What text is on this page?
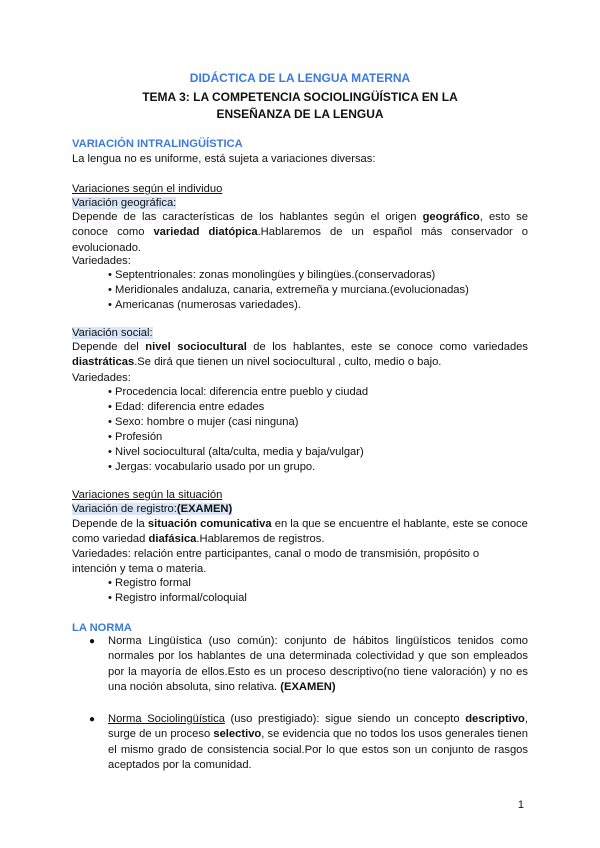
DIDÁCTICA DE LA LENGUA MATERNA
TEMA 3: LA COMPETENCIA SOCIOLINGÜÍSTICA EN LA
ENSEÑANZA DE LA LENGUA
VARIACIÓN INTRALINGÜÍSTICA
La lengua no es uniforme, está sujeta a variaciones diversas:
Variaciones según el individuo
Variación geográfica:
Depende de las características de los hablantes según el origen geográfico, esto se conoce como variedad diatópica.Hablaremos de un español más conservador o evolucionado.
Variedades:
• Septentrionales: zonas monolingües y bilingües.(conservadoras)
• Meridionales andaluza, canaria, extremeña y murciana.(evolucionadas)
• Americanas (numerosas variedades).
Variación social:
Depende del nivel sociocultural de los hablantes, este se conoce como variedades diastráticas.Se dirá que tienen un nivel sociocultural , culto, medio o bajo.
Variedades:
• Procedencia local: diferencia entre pueblo y ciudad
• Edad: diferencia entre edades
• Sexo: hombre o mujer (casi ninguna)
• Profesión
• Nivel sociocultural (alta/culta, media y baja/vulgar)
• Jergas: vocabulario usado por un grupo.
Variaciones según la situación
Variación de registro:(EXAMEN)
Depende de la situación comunicativa en la que se encuentre el hablante, este se conoce
como variedad diafásica.Hablaremos de registros.
Variedades: relación entre participantes, canal o modo de transmisión, propósito o
intención y tema o materia.
• Registro formal
• Registro informal/coloquial
LA NORMA
● Norma Lingüística (uso común): conjunto de hábitos lingüísticos tenidos como normales por los hablantes de una determinada colectividad y que son empleados por la mayoría de ellos.Esto es un proceso descriptivo(no tiene valoración) y no es una noción absoluta, sino relativa. (EXAMEN)
● Norma Sociolingüística (uso prestigiado): sigue siendo un concepto descriptivo, surge de un proceso selectivo, se evidencia que no todos los usos generales tienen el mismo grado de consistencia social.Por lo que estos son un conjunto de rasgos aceptados por la comunidad.
1
